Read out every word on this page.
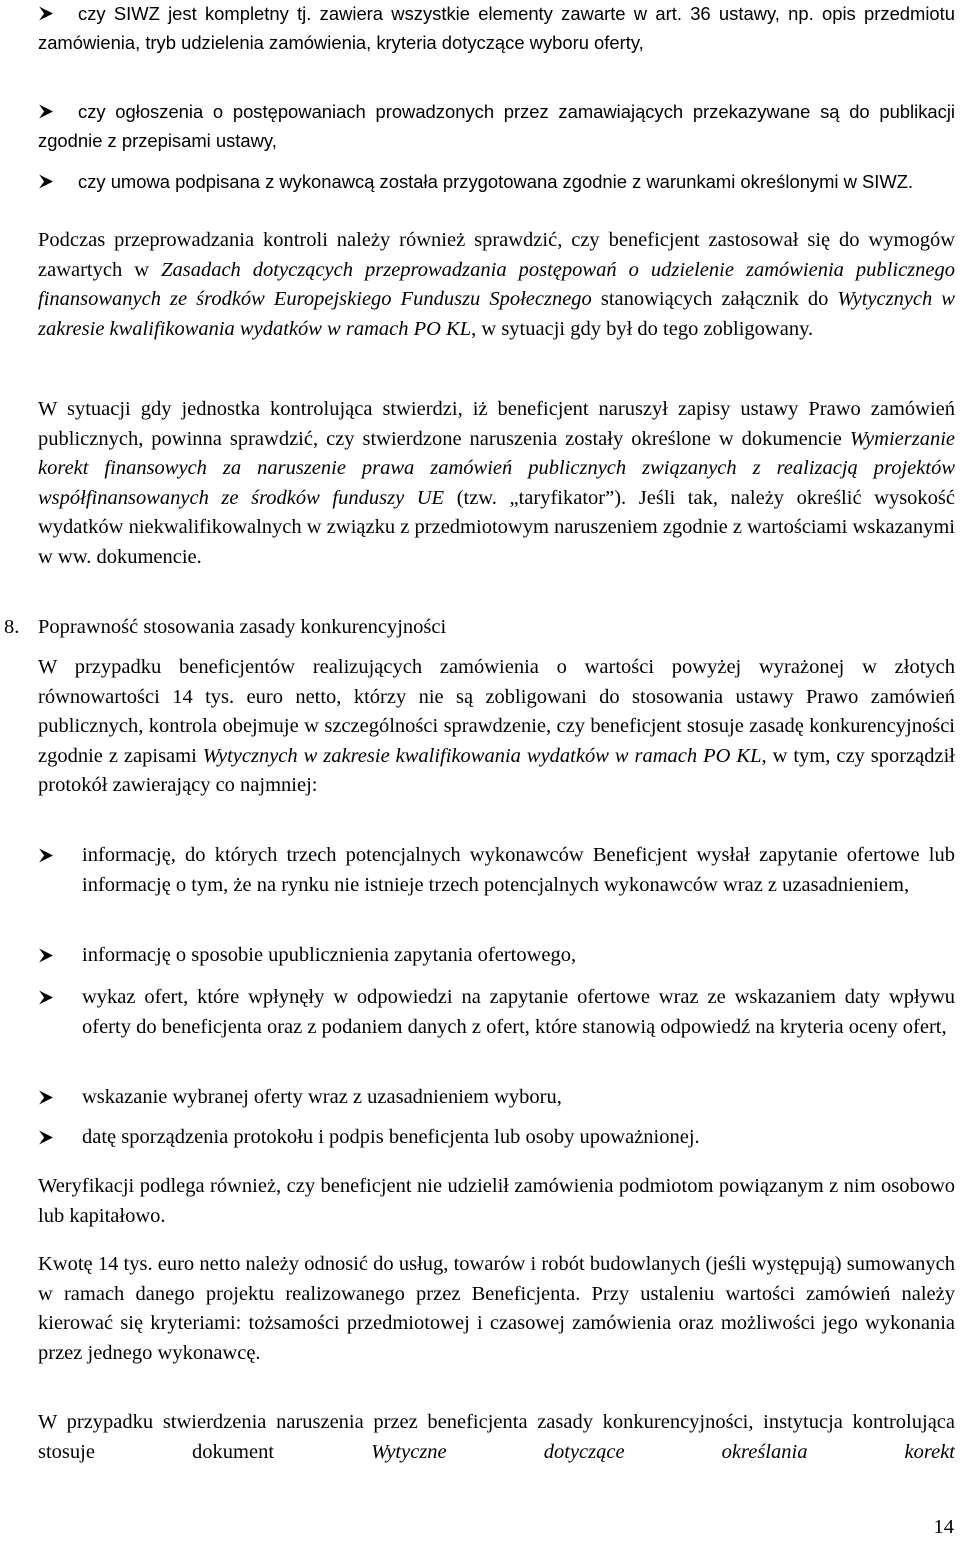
czy SIWZ jest kompletny tj. zawiera wszystkie elementy zawarte w art. 36 ustawy, np. opis przedmiotu zamówienia, tryb udzielenia zamówienia, kryteria dotyczące wyboru oferty,
czy ogłoszenia o postępowaniach prowadzonych przez zamawiających przekazywane są do publikacji zgodnie z przepisami ustawy,
czy umowa podpisana z wykonawcą została przygotowana zgodnie z warunkami określonymi w SIWZ.

Podczas przeprowadzania kontroli należy również sprawdzić, czy beneficjent zastosował się do wymogów zawartych w Zasadach dotyczących przeprowadzania postępowań o udzielenie zamówienia publicznego finansowanych ze środków Europejskiego Funduszu Społecznego stanowiących załącznik do Wytycznych w zakresie kwalifikowania wydatków w ramach PO KL, w sytuacji gdy był do tego zobligowany.

W sytuacji gdy jednostka kontrolująca stwierdzi, iż beneficjent naruszył zapisy ustawy Prawo zamówień publicznych, powinna sprawdzić, czy stwierdzone naruszenia zostały określone w dokumencie Wymierzanie korekt finansowych za naruszenie prawa zamówień publicznych związanych z realizacją projektów współfinansowanych ze środków funduszy UE (tzw. „taryfikator”). Jeśli tak, należy określić wysokość wydatków niekwalifikowalnych w związku z przedmiotowym naruszeniem zgodnie z wartościami wskazanymi w ww. dokumencie.

8. Poprawność stosowania zasady konkurencyjności

W przypadku beneficjentów realizujących zamówienia o wartości powyżej wyrażonej w złotych równowartości 14 tys. euro netto, którzy nie są zobligowani do stosowania ustawy Prawo zamówień publicznych, kontrola obejmuje w szczególności sprawdzenie, czy beneficjent stosuje zasadę konkurencyjności zgodnie z zapisami Wytycznych w zakresie kwalifikowania wydatków w ramach PO KL, w tym, czy sporządził protokół zawierający co najmniej:

informację, do których trzech potencjalnych wykonawców Beneficjent wysłał zapytanie ofertowe lub informację o tym, że na rynku nie istnieje trzech potencjalnych wykonawców wraz z uzasadnieniem,
informację o sposobie upublicznienia zapytania ofertowego,
wykaz ofert, które wpłynęły w odpowiedzi na zapytanie ofertowe wraz ze wskazaniem daty wpływu oferty do beneficjenta oraz z podaniem danych z ofert, które stanowią odpowiedź na kryteria oceny ofert,
wskazanie wybranej oferty wraz z uzasadnieniem wyboru,
datę sporządzenia protokołu i podpis beneficjenta lub osoby upoważnionej.

Weryfikacji podlega również, czy beneficjent nie udzielił zamówienia podmiotom powiązanym z nim osobowo lub kapitałowo.

Kwotę 14 tys. euro netto należy odnosić do usług, towarów i robót budowlanych (jeśli występują) sumowanych w ramach danego projektu realizowanego przez Beneficjenta. Przy ustaleniu wartości zamówień należy kierować się kryteriami: tożsamości przedmiotowej i czasowej zamówienia oraz możliwości jego wykonania przez jednego wykonawcę.

W przypadku stwierdzenia naruszenia przez beneficjenta zasady konkurencyjności, instytucja kontrolująca stosuje dokument Wytyczne dotyczące określania korekt

14
